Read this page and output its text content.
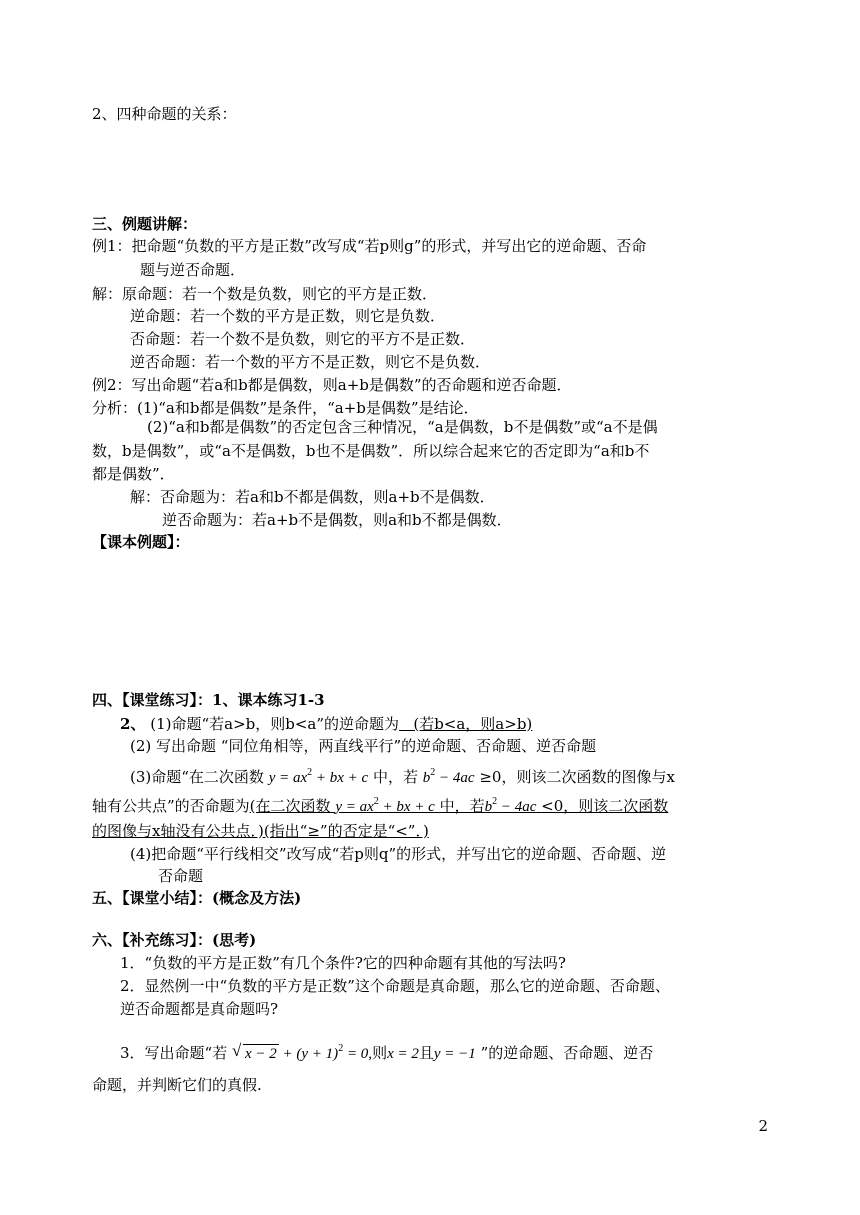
2、四种命题的关系：
三、例题讲解：
例1：把命题“负数的平方是正数”改写成“若p则g”的形式，并写出它的逆命题、否命
题与逆否命题．
解：原命题：若一个数是负数，则它的平方是正数．
逆命题：若一个数的平方是正数，则它是负数．
否命题：若一个数不是负数，则它的平方不是正数．
逆否命题：若一个数的平方不是正数，则它不是负数．
例2：写出命题“若a和b都是偶数，则a+b是偶数”的否命题和逆否命题．
分析：(1)“a和b都是偶数”是条件，“a+b是偶数”是结论．
(2)“a和b都是偶数”的否定包含三种情况，“a是偶数，b不是偶数”或“a不是偶
数，b是偶数”，或“a不是偶数，b也不是偶数”．所以综合起来它的否定即为“a和b不
都是偶数”．
解：否命题为：若a和b不都是偶数，则a+b不是偶数．
逆否命题为：若a+b不是偶数，则a和b不都是偶数．
【课本例题】：
四、【课堂练习】：1、课本练习1-3
2、 (1)命题“若a>b，则b<a”的逆命题为 (若b<a，则a>b)
(2) 写出命题 “同位角相等，两直线平行”的逆命题、否命题、逆否命题
(3)命题“在二次函数 $y = ax^2$ + bx + c 中，若 $b^2 - 4ac \ge 0$，则该二次函数的图像与x
轴有公共点”的否命题为(在二次函数 $y = ax^2$ + bx + c 中，若$b^2 - 4ac <0$，则该二次函数
的图像与x轴没有公共点．)(指出“≥”的否定是“<”．)
(4)把命题“平行线相交”改写成“若p则q”的形式，并写出它的逆命题、否命题、逆
否命题
五、【课堂小结】：(概念及方法)
六、【补充练习】：(思考)
1．“负数的平方是正数”有几个条件?它的四种命题有其他的写法吗?
2．显然例一中“负数的平方是正数”这个命题是真命题，那么它的逆命题、否命题、
逆否命题都是真命题吗?
3．写出命题“若 √ $x - 2 + (y + 1)^2 = 0$,则x = 2且y = −1 ”的逆命题、否命题、逆否
命题，并判断它们的真假.
2
